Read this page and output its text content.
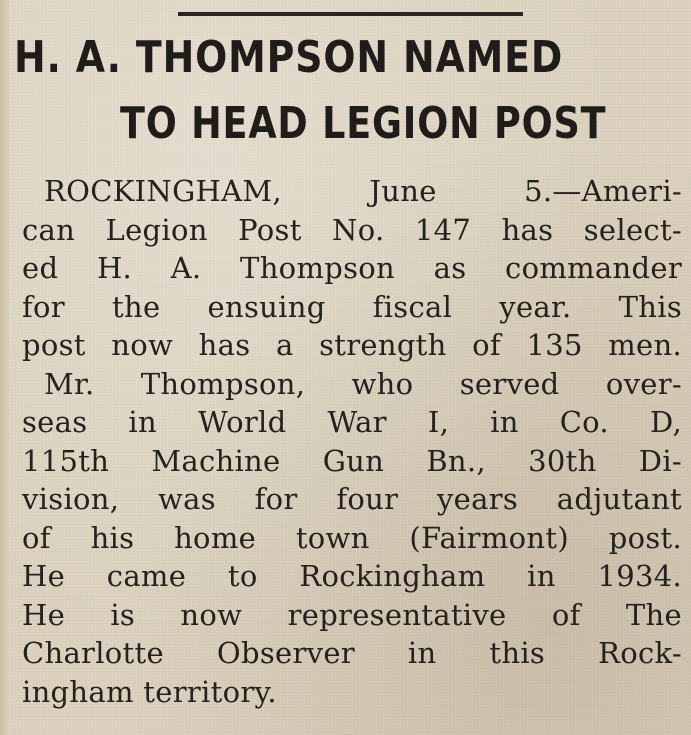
H. A. THOMPSON NAMED
TO HEAD LEGION POST
ROCKINGHAM, June 5.—Ameri-
can Legion Post No. 147 has select-
ed H. A. Thompson as commander
for the ensuing fiscal year. This
post now has a strength of 135 men.
Mr. Thompson, who served over-
seas in World War I, in Co. D,
115th Machine Gun Bn., 30th Di-
vision, was for four years adjutant
of his home town (Fairmont) post.
He came to Rockingham in 1934.
He is now representative of The
Charlotte Observer in this Rock-
ingham territory.
